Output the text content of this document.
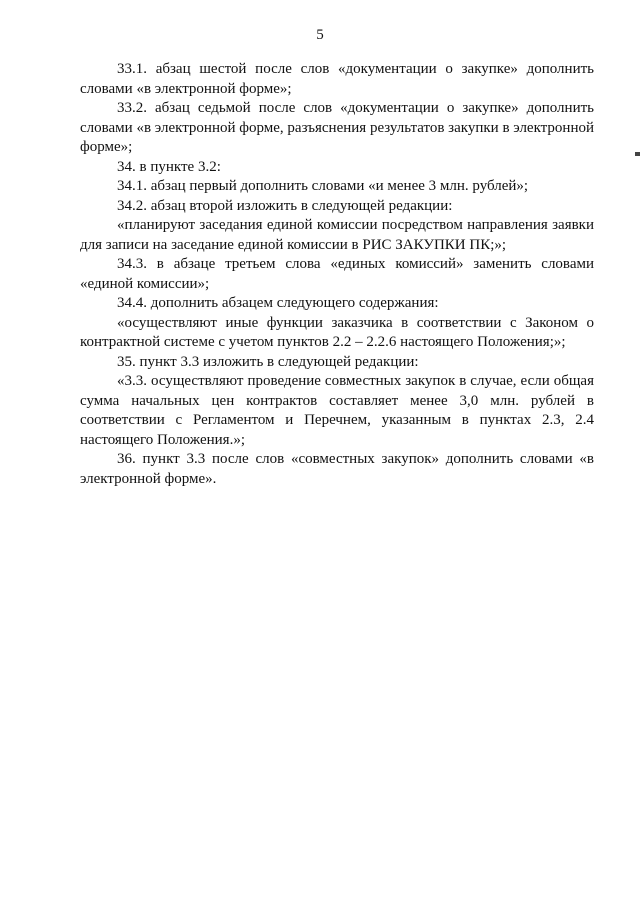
5

33.1. абзац шестой после слов «документации о закупке» дополнить словами «в электронной форме»;

33.2. абзац седьмой после слов «документации о закупке» дополнить словами «в электронной форме, разъяснения результатов закупки в электронной форме»;

34. в пункте 3.2:

34.1. абзац первый дополнить словами «и менее 3 млн. рублей»;

34.2. абзац второй изложить в следующей редакции:

«планируют заседания единой комиссии посредством направления заявки для записи на заседание единой комиссии в РИС ЗАКУПКИ ПК;»;

34.3. в абзаце третьем слова «единых комиссий» заменить словами «единой комиссии»;

34.4. дополнить абзацем следующего содержания:

«осуществляют иные функции заказчика в соответствии с Законом о контрактной системе с учетом пунктов 2.2 – 2.2.6 настоящего Положения;»;

35. пункт 3.3 изложить в следующей редакции:

«3.3. осуществляют проведение совместных закупок в случае, если общая сумма начальных цен контрактов составляет менее 3,0 млн. рублей в соответствии с Регламентом и Перечнем, указанным в пунктах 2.3, 2.4 настоящего Положения.»;

36. пункт 3.3 после слов «совместных закупок» дополнить словами «в электронной форме».
